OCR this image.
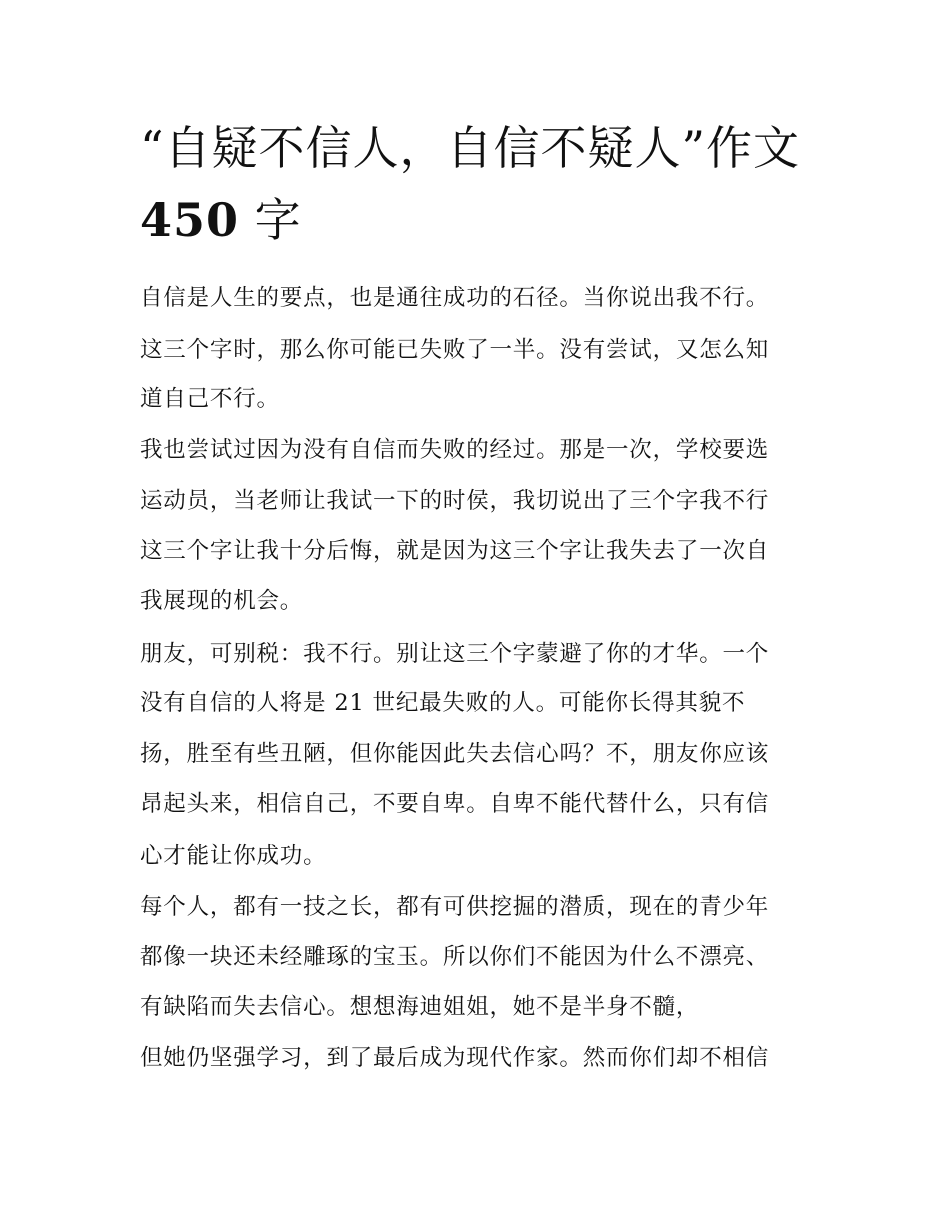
“自疑不信人，自信不疑人”作文450 字

自信是人生的要点，也是通往成功的石径。当你说出我不行。

这三个字时，那么你可能已失败了一半。没有尝试，又怎么知

道自己不行。

我也尝试过因为没有自信而失败的经过。那是一次，学校要选

运动员，当老师让我试一下的时侯，我切说出了三个字我不行

这三个字让我十分后悔，就是因为这三个字让我失去了一次自

我展现的机会。

朋友，可别税：我不行。别让这三个字蒙避了你的才华。一个

没有自信的人将是 21 世纪最失败的人。可能你长得其貌不

扬，胜至有些丑陋，但你能因此失去信心吗？不，朋友你应该

昂起头来，相信自己，不要自卑。自卑不能代替什么，只有信

心才能让你成功。

每个人，都有一技之长，都有可供挖掘的潜质，现在的青少年

都像一块还未经雕琢的宝玉。所以你们不能因为什么不漂亮、

有缺陷而失去信心。想想海迪姐姐，她不是半身不髓，

但她仍坚强学习，到了最后成为现代作家。然而你们却不相信
